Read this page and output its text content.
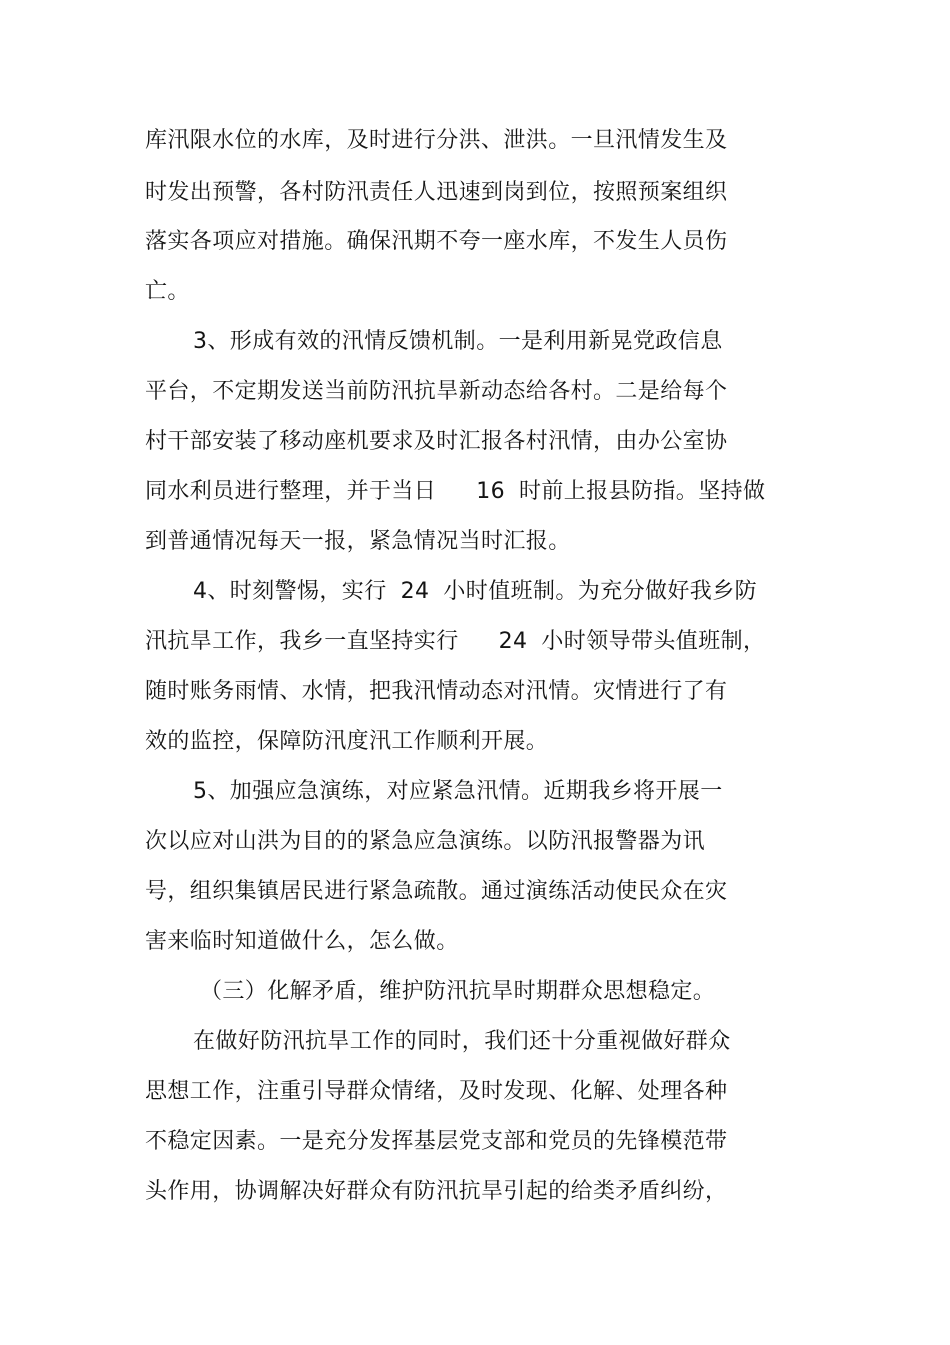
库汛限水位的水库，及时进行分洪、泄洪。一旦汛情发生及
时发出预警，各村防汛责任人迅速到岗到位，按照预案组织
落实各项应对措施。确保汛期不夸一座水库，不发生人员伤
亡。
3、形成有效的汛情反馈机制。一是利用新晃党政信息
平台，不定期发送当前防汛抗旱新动态给各村。二是给每个
村干部安装了移动座机要求及时汇报各村汛情，由办公室协
同水利员进行整理，并于当日 16 时前上报县防指。坚持做
到普通情况每天一报，紧急情况当时汇报。
4、时刻警惕，实行 24 小时值班制。为充分做好我乡防
汛抗旱工作，我乡一直坚持实行 24 小时领导带头值班制，
随时账务雨情、水情，把我汛情动态对汛情。灾情进行了有
效的监控，保障防汛度汛工作顺利开展。
5、加强应急演练，对应紧急汛情。近期我乡将开展一
次以应对山洪为目的的紧急应急演练。以防汛报警器为讯
号，组织集镇居民进行紧急疏散。通过演练活动使民众在灾
害来临时知道做什么，怎么做。
（三）化解矛盾，维护防汛抗旱时期群众思想稳定。
在做好防汛抗旱工作的同时，我们还十分重视做好群众
思想工作，注重引导群众情绪，及时发现、化解、处理各种
不稳定因素。一是充分发挥基层党支部和党员的先锋模范带
头作用，协调解决好群众有防汛抗旱引起的给类矛盾纠纷，
